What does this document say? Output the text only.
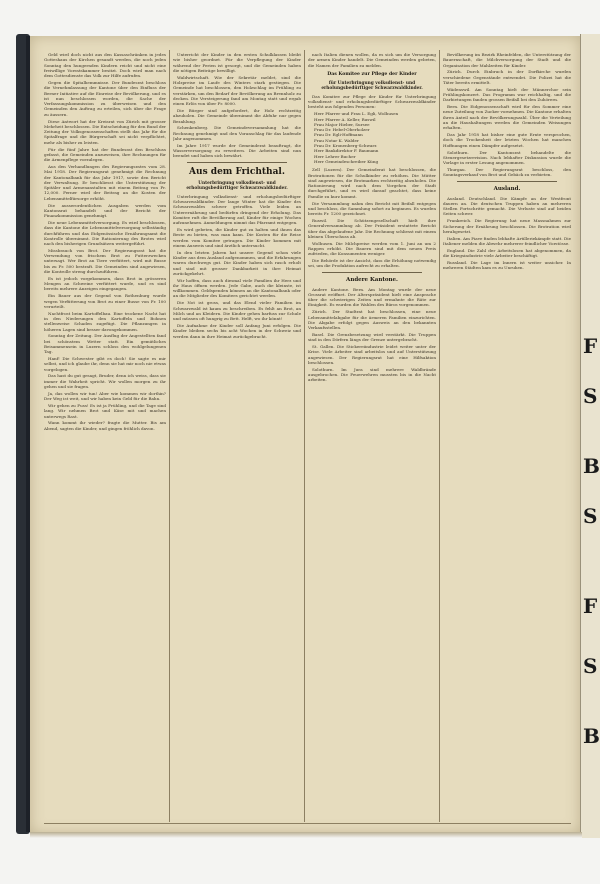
Geld wird doch nicht aus den Kassaschränken in jedes Gotteshaus der Kirchen gesandt werden, die noch jeden Sonntag den hungernden Kindern reicht und nicht eine freiwillige Vorratskammer besitzt. Doch wird man nach dem Gottesdienste das Volk zur Hilfe aufrufen.

Gegen die Spitalhemmnisse. Der Bundesrat beschloss die Vernehmlassung der Kantone über den Einfluss der Berner Initiative auf die Einreise der Bevölkerung, und es ist nun beschlossen worden, die Sache der Verfassungskommission zu überweisen und den Gemeinden den Auftrag zu erteilen, sich über die Frage zu äussern.

Diese Antwort hat der Kreisrat von Zürich mit grosser Mehrheit beschlossen. Die Entscheidung für den Bund der Zeitung der Volksgenossenschaften stellt das Jahr für die Spitalfrage und die Bürgerschaft sei nicht verpflichtet, mehr als bisher zu leisten.

Für die fünf Jahre hat der Bundesrat den Beschluss gefasst, die Gemeinden anzuweisen, ihre Rechnungen für die Armenpflege vorzulegen.

Aus den Verhandlungen des Regierungsrates vom 28. Mai 1918. Der Regierungsrat genehmigt die Rechnung der Kantonalbank für das Jahr 1917, sowie den Bericht der Verwaltung. Er beschliesst die Unterstützung der Spitäler und Armenanstalten mit einem Beitrag von Fr. 12,000. Ferner wird der Beitrag an die Kosten der Lebensmittelfürsorge erhöht.

Die ausserordentlichen Ausgaben werden vom Kantonsrat behandelt und der Bericht der Finanzkommission genehmigt.

Die neue Lebensmittelversorgung. Es wird beschlossen, dass die Kantone die Lebensmittelversorgung selbständig durchführen und das Eidgenössische Ernährungsamt die Kontrolle übernimmt. Die Rationierung des Brotes wird nach den bisherigen Grundsätzen weitergeführt.

Missbrauch von Brot. Der Regierungsrat hat die Verwendung von frischem Brot zu Futterzwecken untersagt. Wer Brot an Tiere verfüttert, wird mit Busse bis zu Fr. 500 bestraft. Die Gemeinden sind angewiesen, die Kontrolle streng durchzuführen.

Es ist jedoch vorgekommen, dass Brot in grösseren Mengen an Schweine verfüttert wurde, und es sind bereits mehrere Anzeigen eingegangen.

Ein Bauer aus der Gegend von Rothenburg wurde wegen Verfütterung von Brot zu einer Busse von Fr. 100 verurteilt.

Nachtfrost beim Kartoffelbau. Eine trockene Nacht hat in den Niederungen den Kartoffeln und Bohnen stellenweise Schaden zugefügt. Die Pflanzungen in höheren Lagen sind besser davongekommen.

Sonntag der Zeitung. Der Ausflug der Angestellten fand bei schönstem Wetter statt. Ein gemütliches Beisammensein in Luzern schloss den wohlgelungenen Tag.

Hanf! Die Schwester gibt es doch! Sie sagte es mir selbst, und ich glaube ihr, denn sie hat mir noch nie etwas vorgelogen.

Das hast du gut gesagt, Bruder, denn ich weiss, dass sie immer die Wahrheit spricht. Wir wollen morgen zu ihr gehen und sie fragen.

Ja, das wollen wir tun! Aber wie kommen wir dorthin? Der Weg ist weit, und wir haben kein Geld für die Bahn.

Wir gehen zu Fuss! Es ist ja Frühling, und die Tage sind lang. Wir nehmen Brot und Käse mit und machen unterwegs Rast.

Wann kommt ihr wieder? fragte die Mutter. Bis am Abend, sagten die Kinder, und gingen fröhlich davon.

Unterricht der Kinder in den ersten Schulklassen bleibt wie bisher geordnet. Für die Verpflegung der Kinder während der Ferien ist gesorgt, und die Gemeinden haben die nötigen Beiträge bewilligt.

Waldwirtschaft. Wie der Sekretär meldet, sind die Holzpreise im Laufe des Winters stark gestiegen. Die Gemeinde hat beschlossen, den Holzschlag im Frühling zu verstärken, um den Bedarf der Bevölkerung an Brennholz zu decken. Die Versteigerung fand am Montag statt und ergab einen Erlös von über Fr. 8000.

Die Bürger sind aufgefordert, ihr Holz rechtzeitig abzuholen. Die Gemeinde übernimmt die Abfuhr nur gegen Bezahlung.

Schenkenberg. Die Gemeindeversammlung hat die Rechnung genehmigt und den Voranschlag für das laufende Jahr angenommen.

Im Jahre 1917 wurde der Gemeinderat beauftragt, die Wasserversorgung zu erweitern. Die Arbeiten sind nun beendet und haben sich bewährt.

Aus dem Frichthal.
Unterbringung volksdienst- und erholungsbedürftiger Schwarzwaldkinder.

Unterbringung volksdienst- und erholungsbedürftiger Schwarzwaldkinder. Der lange Winter hat die Kinder des Schwarzwaldes schwer getroffen. Viele leiden an Unterernährung und bedürfen dringend der Erholung. Das Komitee ruft die Bevölkerung auf, Kinder für einige Wochen aufzunehmen. Anmeldungen nimmt das Pfarramt entgegen.

Es wird gebeten, die Kinder gut zu halten und ihnen das Beste zu bieten, was man kann. Die Kosten für die Reise werden vom Komitee getragen. Die Kinder kommen mit einem Ausweis und sind ärztlich untersucht.

In den letzten Jahren hat unsere Gegend schon viele Kinder aus dem Ausland aufgenommen, und die Erfahrungen waren durchwegs gut. Die Kinder haben sich rasch erholt und sind mit grosser Dankbarkeit in ihre Heimat zurückgekehrt.

Wir hoffen, dass auch diesmal viele Familien ihr Herz und ihr Haus öffnen werden. Jede Gabe, auch die kleinste, ist willkommen. Geldspenden können an die Kantonalbank oder an die Mitglieder des Komitees gerichtet werden.

Die Not ist gross, und das Elend vieler Familien im Schwarzwald ist kaum zu beschreiben. Es fehlt an Brot, an Milch und an Kleidern. Die Kinder gehen barfuss zur Schule und müssen oft hungrig zu Bett. Helft, wo ihr könnt!

Die Aufnahme der Kinder soll Anfang Juni erfolgen. Die Kinder bleiben sechs bis acht Wochen in der Schweiz und werden dann in ihre Heimat zurückgebracht.

nach Italien dienen wollen, da es sich um die Versorgung der armen Kinder handelt. Die Gemeinden werden gebeten, die Namen der Familien zu melden.

Das Komitee zur Pflege der Kinder
für Unterbringung volksdienst- und erholungsbedürftiger Schwarzwaldkinder.

Das Komitee zur Pflege der Kinder für Unterbringung volksdienst- und erholungsbedürftiger Schwarzwaldkinder besteht aus folgenden Personen:

Herr Pfarrer und Frau L. Egli, Wolhusen
Herr Pfarrer A. Keller, Ruswil
Frau Major Hieber, Sursee
Frau Dr. Hebel-Oberholzer
Frau Dr. Egli-Hoffmann
Frau Notar K. Walder
Frau Dr. Kronenberg-Schwarz
Herr Bankdirektor F. Baumann
Herr Lehrer Bucher
Herr Gemeindeschreiber Küng

Zell (Luzern). Der Gemeinderat hat beschlossen, die Brotrationen für die Schulkinder zu erhöhen. Die Mütter sind angewiesen, die Brotmarken rechtzeitig abzuholen. Die Rationierung wird nach dem Vorgehen der Stadt durchgeführt, und es wird darauf geachtet, dass keine Familie zu kurz kommt.

Die Versammlung nahm den Bericht mit Beifall entgegen und beschloss, die Sammlung sofort zu beginnen. Es wurden bereits Fr. 1200 gezeichnet.

Ruswil. Die Schützengesellschaft hielt ihre Generalversammlung ab. Der Präsident erstattete Bericht über das abgelaufene Jahr. Die Rechnung schliesst mit einem kleinen Überschuss ab.

Wolhusen. Die Milchpreise werden vom 1. Juni an um 2 Rappen erhöht. Die Bauern sind mit dem neuen Preis zufrieden, die Konsumenten weniger.

Die Behörde ist der Ansicht, dass die Erhöhung notwendig sei, um die Produktion aufrecht zu erhalten.

Andere Kantone.

Andere Kantone. Bern. Am Montag wurde der neue Grossrat eröffnet. Der Alterspräsident hielt eine Ansprache über die schwierigen Zeiten und ermahnte die Räte zur Einigkeit. Es wurden die Wahlen des Büros vorgenommen.

Zürich. Der Stadtrat hat beschlossen, eine neue Lebensmittelabgabe für die ärmeren Familien einzurichten. Die Abgabe erfolgt gegen Ausweis an den bekannten Verkaufsstellen.

Basel. Die Grenzbesetzung wird verstärkt. Die Truppen sind in den Dörfern längs der Grenze untergebracht.

St. Gallen. Die Stickereiindustrie leidet weiter unter der Krise. Viele Arbeiter sind arbeitslos und auf Unterstützung angewiesen. Der Regierungsrat hat eine Hilfsaktion beschlossen.

Solothurn. Im Jura sind mehrere Waldbrände ausgebrochen. Die Feuerwehren mussten bis in die Nacht arbeiten.

Bevölkerung im Bezirk Rheinfelden, die Unterstützung der Bauernschaft, die Milchversorgung der Stadt und die Organisation der Mahlzeiten für Kinder.

Zürich. Durch Einbruch in der Dorfkirche wurden verschiedene Gegenstände entwendet. Die Polizei hat die Täter bereits ermittelt.

Wädenswil. Am Sonntag hielt der Männerchor sein Frühlingskonzert. Das Programm war reichhaltig, und die Darbietungen fanden grossen Beifall bei den Zuhörern.

Bern. Die Eidgenossenschaft wird für den Sommer eine neue Zuteilung von Zucker vornehmen. Die Kantone erhalten ihren Anteil nach der Bevölkerungszahl. Über die Verteilung an die Haushaltungen werden die Gemeinden Weisungen erhalten.

Das Jahr 1918 hat bisher eine gute Ernte versprochen, doch die Trockenheit der letzten Wochen hat manchen Hoffnungen einen Dämpfer aufgesetzt.

Solothurn. Der Kantonsrat behandelte die Steuergesetzrevision. Nach lebhafter Diskussion wurde die Vorlage in erster Lesung angenommen.

Thurgau. Der Regierungsrat beschloss, den Sonntagsverkauf von Brot und Gebäck zu verbieten.

Ausland.

Ausland. Deutschland. Die Kämpfe an der Westfront dauern an. Die deutschen Truppen haben an mehreren Stellen Fortschritte gemacht. Die Verluste sind auf beiden Seiten schwer.

Frankreich. Die Regierung hat neue Massnahmen zur Sicherung der Ernährung beschlossen. Die Brotration wird herabgesetzt.

Italien. Am Piave finden lebhafte Artilleriekämpfe statt. Die Italiener melden die Abwehr mehrerer feindlicher Vorstösse.

England. Die Zahl der Arbeitslosen hat abgenommen, da die Kriegsindustrie viele Arbeiter beschäftigt.

Russland. Die Lage im Innern ist weiter unsicher. In mehreren Städten kam es zu Unruhen.

F
S
B
S
F
S
B
